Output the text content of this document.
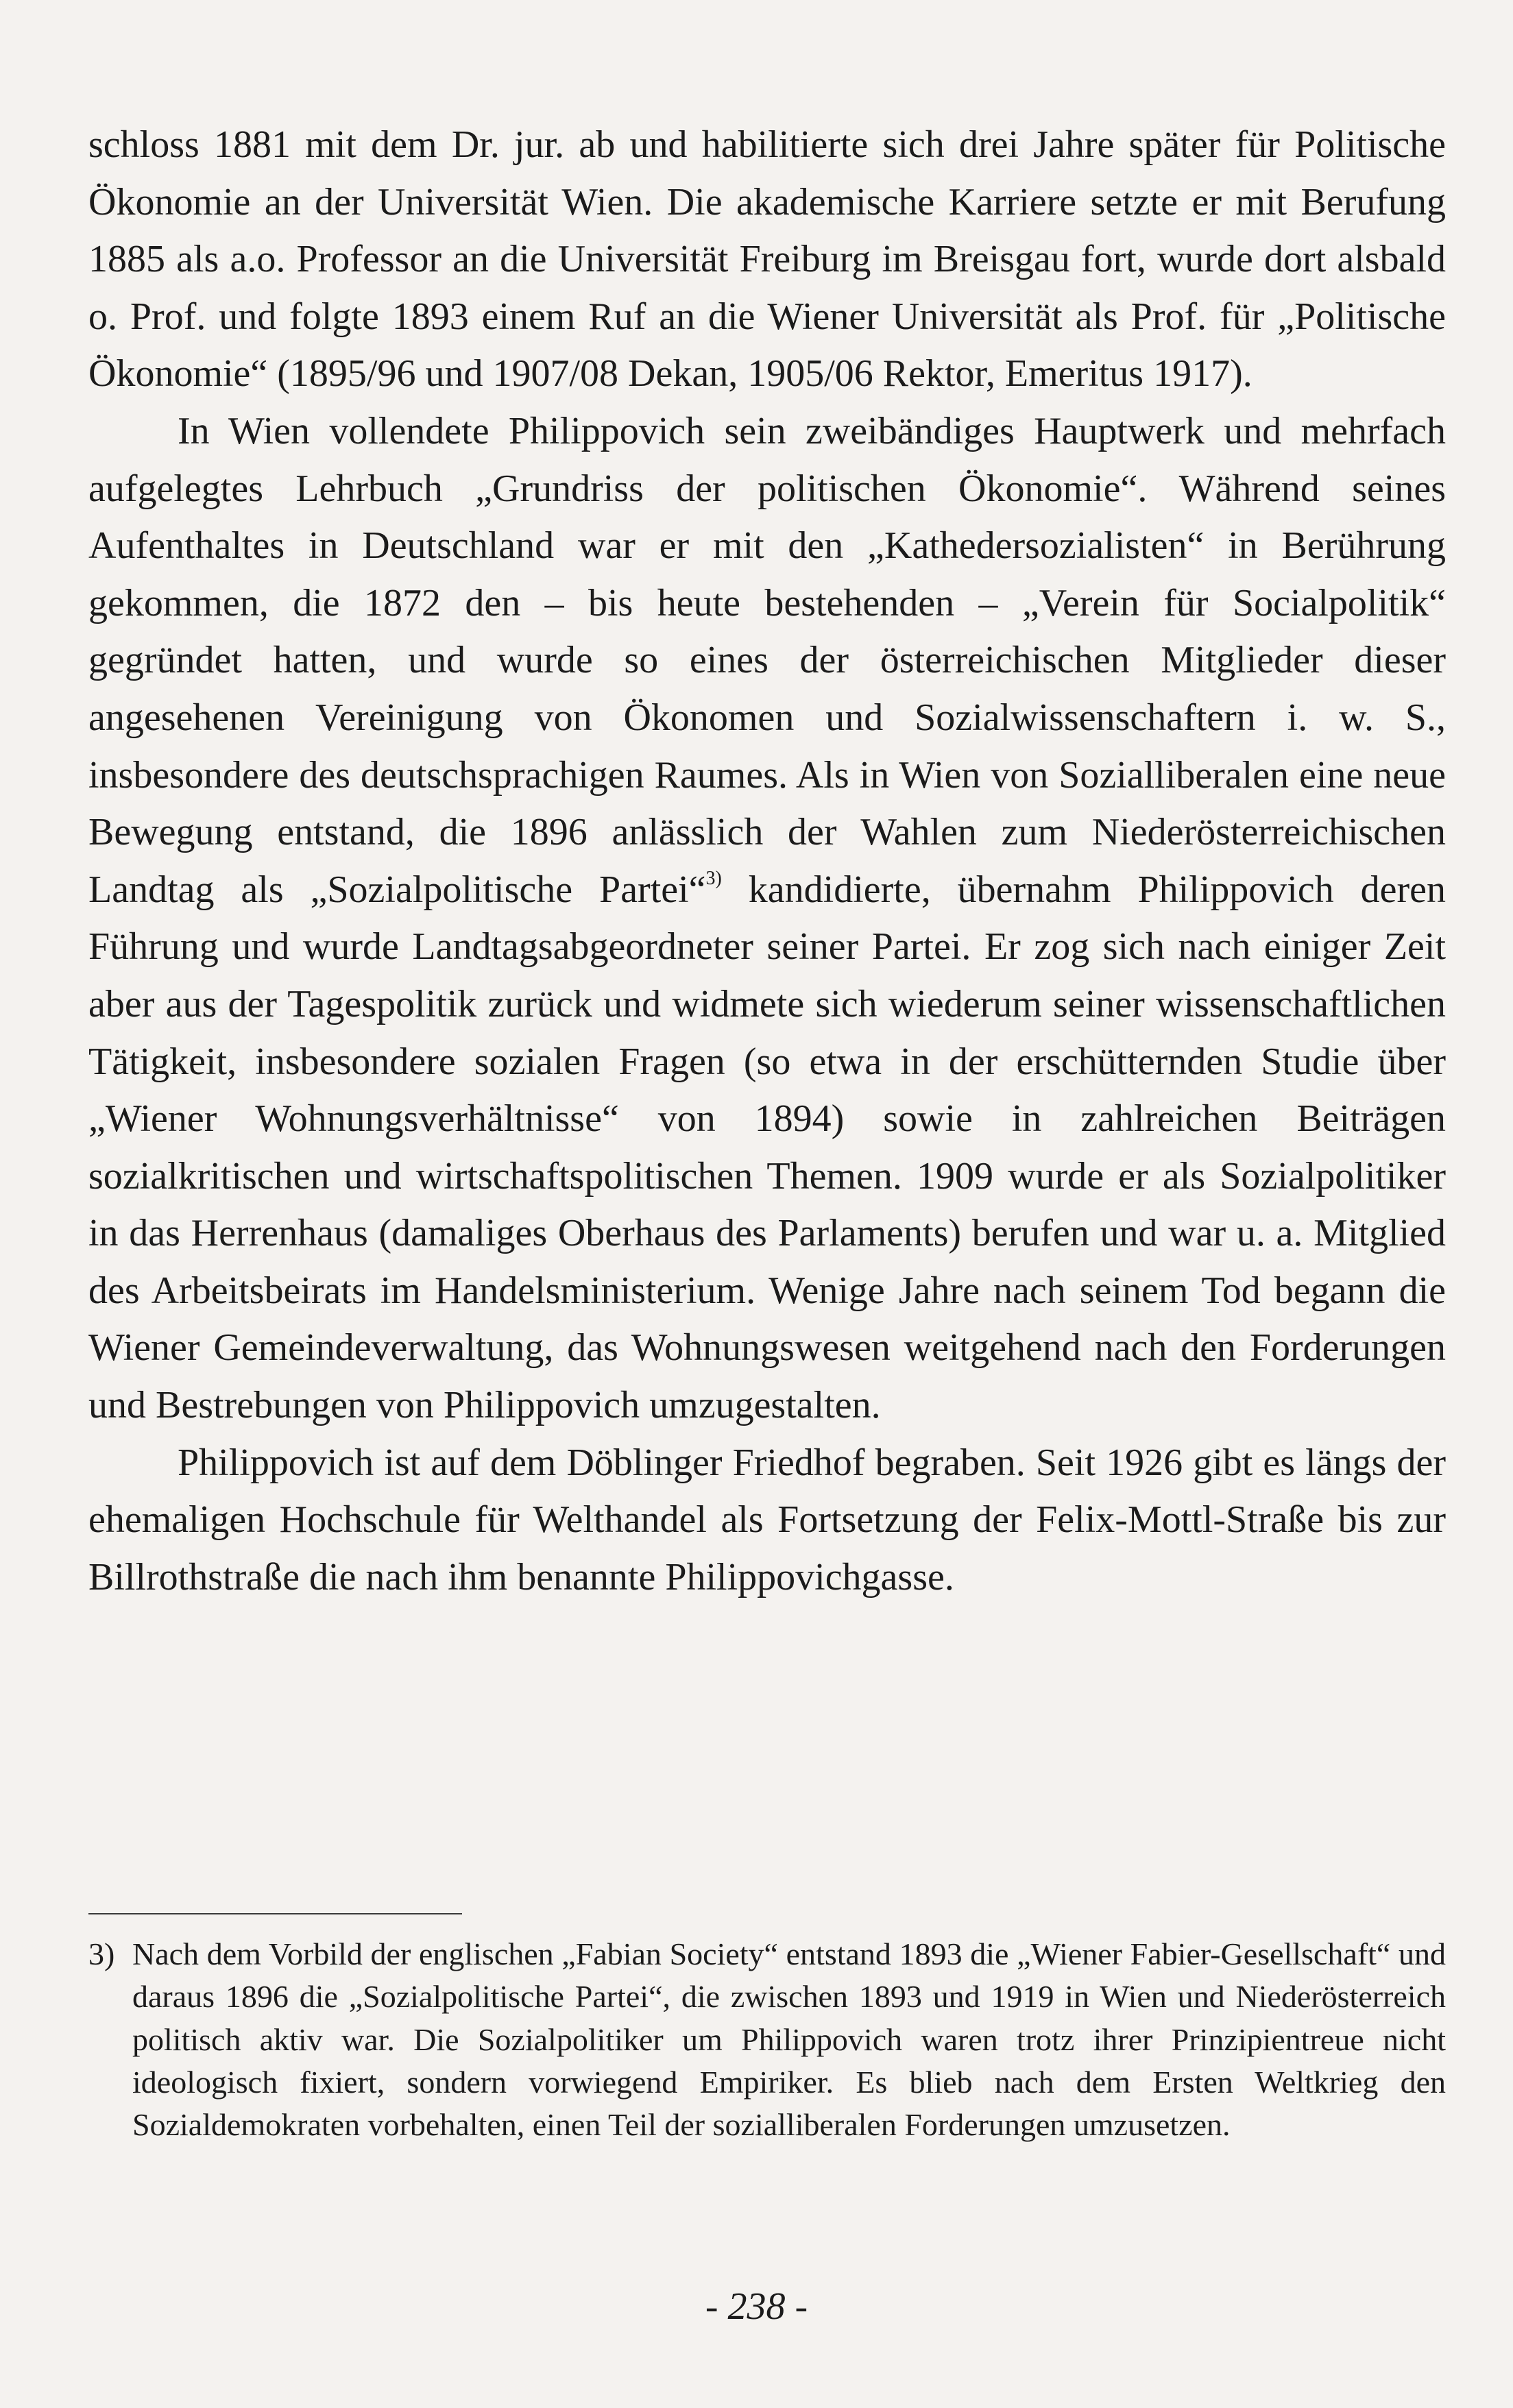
schloss 1881 mit dem Dr. jur. ab und habilitierte sich drei Jahre später für Politische Ökonomie an der Universität Wien. Die akademische Karriere setzte er mit Berufung 1885 als a.o. Professor an die Universität Freiburg im Breisgau fort, wurde dort alsbald o. Prof. und folgte 1893 einem Ruf an die Wiener Universität als Prof. für „Politische Ökonomie“ (1895/96 und 1907/08 Dekan, 1905/06 Rektor, Emeritus 1917).

In Wien vollendete Philippovich sein zweibändiges Hauptwerk und mehrfach aufgelegtes Lehrbuch „Grundriss der politischen Ökonomie“. Während seines Aufenthaltes in Deutschland war er mit den „Kathedersozialisten“ in Berührung gekommen, die 1872 den – bis heute bestehenden – „Verein für Socialpolitik“ gegründet hatten, und wurde so eines der österreichischen Mitglieder dieser angesehenen Vereinigung von Ökonomen und Sozialwissenschaftern i. w. S., insbesondere des deutschsprachigen Raumes. Als in Wien von Sozialliberalen eine neue Bewegung entstand, die 1896 anlässlich der Wahlen zum Niederösterreichischen Landtag als „Sozialpolitische Partei“$^{3)}$ kandidierte, übernahm Philippovich deren Führung und wurde Landtagsabgeordneter seiner Partei. Er zog sich nach einiger Zeit aber aus der Tagespolitik zurück und widmete sich wiederum seiner wissenschaftlichen Tätigkeit, insbesondere sozialen Fragen (so etwa in der erschütternden Studie über „Wiener Wohnungsverhältnisse“ von 1894) sowie in zahlreichen Beiträgen sozialkritischen und wirtschaftspolitischen Themen. 1909 wurde er als Sozialpolitiker in das Herrenhaus (damaliges Oberhaus des Parlaments) berufen und war u. a. Mitglied des Arbeitsbeirats im Handelsministerium. Wenige Jahre nach seinem Tod begann die Wiener Gemeindeverwaltung, das Wohnungswesen weitgehend nach den Forderungen und Bestrebungen von Philippovich umzugestalten.

Philippovich ist auf dem Döblinger Friedhof begraben. Seit 1926 gibt es längs der ehemaligen Hochschule für Welthandel als Fortsetzung der Felix-Mottl-Straße bis zur Billrothstraße die nach ihm benannte Philippovichgasse.

3) Nach dem Vorbild der englischen „Fabian Society“ entstand 1893 die „Wiener Fabier-Gesellschaft“ und daraus 1896 die „Sozialpolitische Partei“, die zwischen 1893 und 1919 in Wien und Niederösterreich politisch aktiv war. Die Sozialpolitiker um Philippovich waren trotz ihrer Prinzipientreue nicht ideologisch fixiert, sondern vorwiegend Empiriker. Es blieb nach dem Ersten Weltkrieg den Sozialdemokraten vorbehalten, einen Teil der sozialliberalen Forderungen umzusetzen.
- 238 -
